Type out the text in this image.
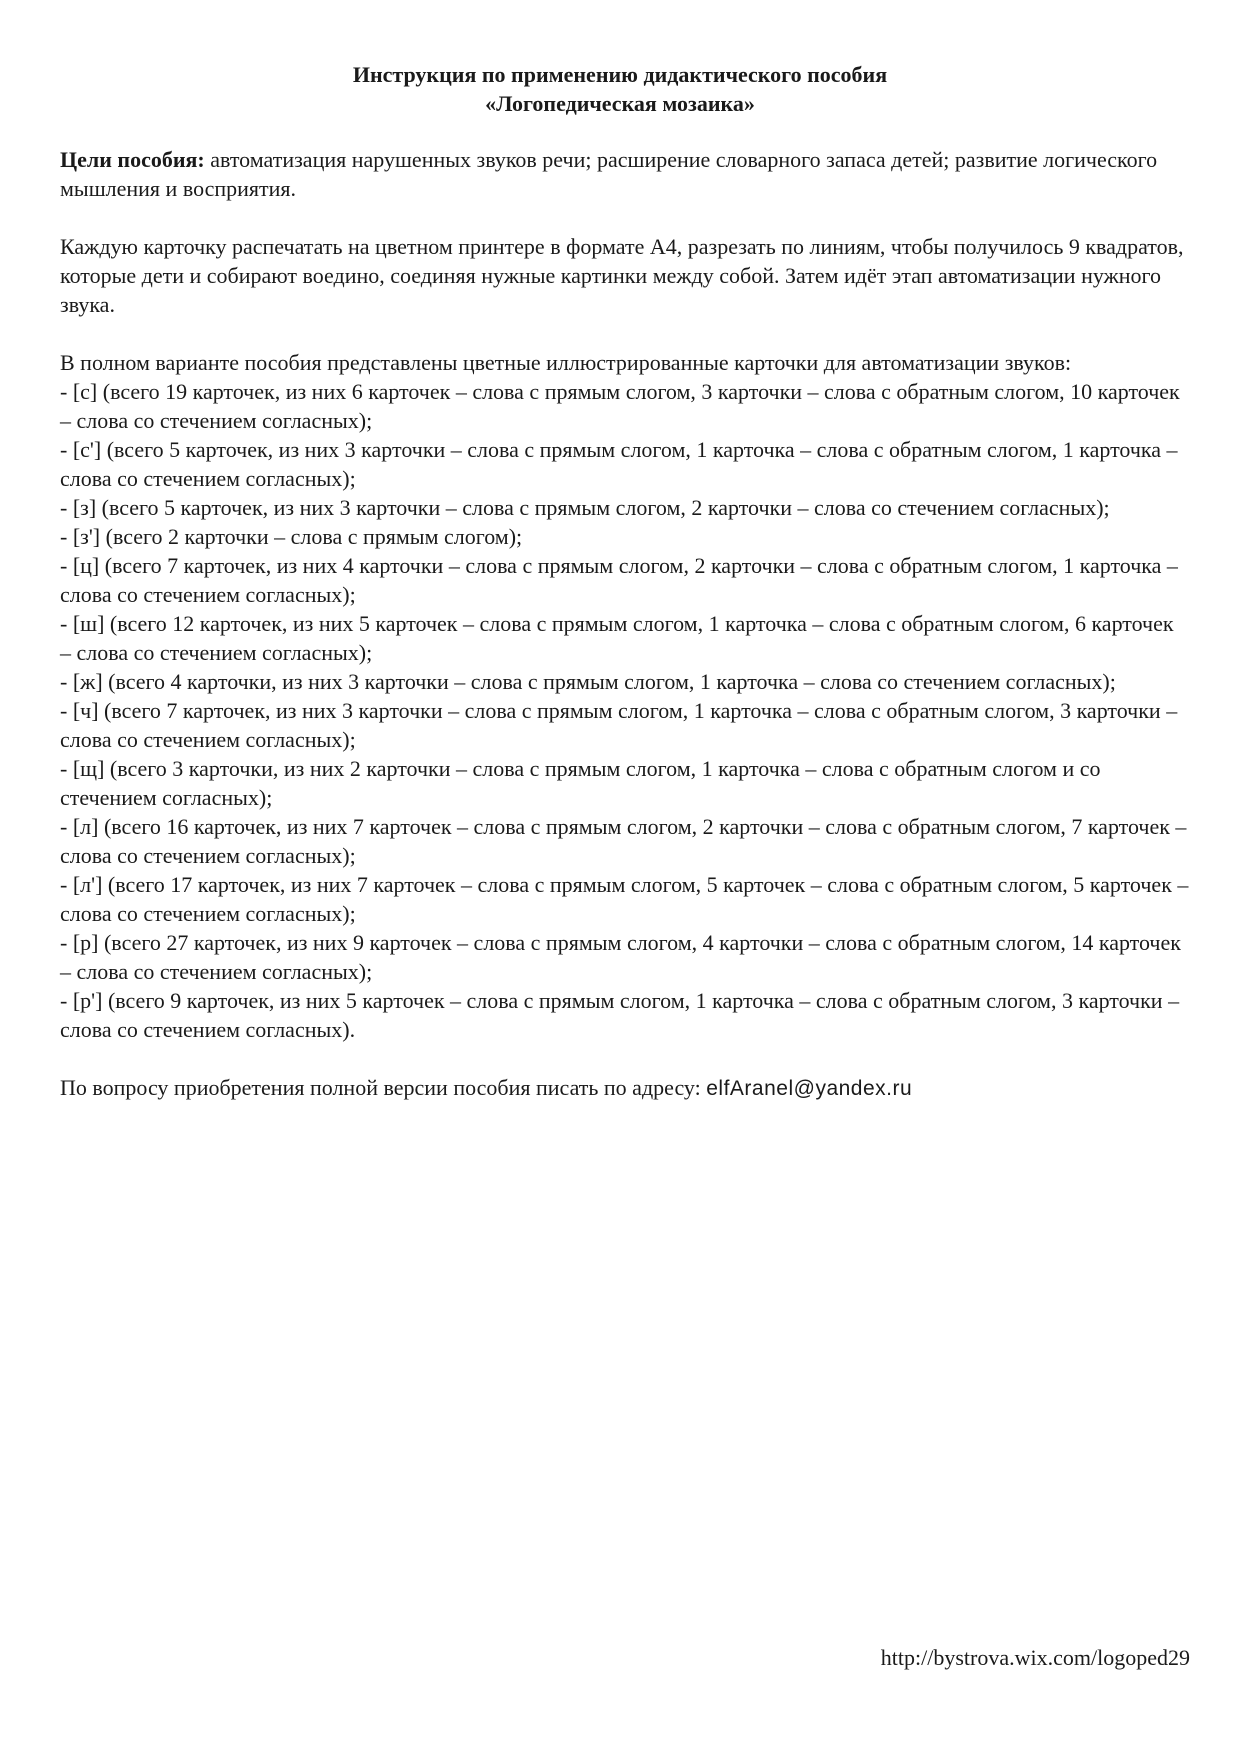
Инструкция по применению дидактического пособия
«Логопедическая мозаика»

Цели пособия: автоматизация нарушенных звуков речи; расширение словарного запаса детей; развитие логического мышления и восприятия.

Каждую карточку распечатать на цветном принтере в формате А4, разрезать по линиям, чтобы получилось 9 квадратов, которые дети и собирают воедино, соединяя нужные картинки между собой. Затем идёт этап автоматизации нужного звука.

В полном варианте пособия представлены цветные иллюстрированные карточки для автоматизации звуков:

- [с] (всего 19 карточек, из них 6 карточек – слова с прямым слогом, 3 карточки – слова с обратным слогом, 10 карточек – слова со стечением согласных);
- [с'] (всего 5 карточек, из них 3 карточки – слова с прямым слогом, 1 карточка – слова с обратным слогом, 1 карточка – слова со стечением согласных);
- [з] (всего 5 карточек, из них 3 карточки – слова с прямым слогом, 2 карточки – слова со стечением согласных);
- [з'] (всего 2 карточки – слова с прямым слогом);
- [ц] (всего 7 карточек, из них 4 карточки – слова с прямым слогом, 2 карточки – слова с обратным слогом, 1 карточка – слова со стечением согласных);
- [ш] (всего 12 карточек, из них 5 карточек – слова с прямым слогом, 1 карточка – слова с обратным слогом, 6 карточек – слова со стечением согласных);
- [ж] (всего 4 карточки, из них 3 карточки – слова с прямым слогом, 1 карточка – слова со стечением согласных);
- [ч] (всего 7 карточек, из них 3 карточки – слова с прямым слогом, 1 карточка – слова с обратным слогом, 3 карточки – слова со стечением согласных);
- [щ] (всего 3 карточки, из них 2 карточки – слова с прямым слогом, 1 карточка – слова с обратным слогом и со стечением согласных);
- [л] (всего 16 карточек, из них 7 карточек – слова с прямым слогом, 2 карточки – слова с обратным слогом, 7 карточек – слова со стечением согласных);
- [л'] (всего 17 карточек, из них 7 карточек – слова с прямым слогом, 5 карточек – слова с обратным слогом, 5 карточек – слова со стечением согласных);
- [р] (всего 27 карточек, из них 9 карточек – слова с прямым слогом, 4 карточки – слова с обратным слогом, 14 карточек – слова со стечением согласных);
- [р'] (всего 9 карточек, из них 5 карточек – слова с прямым слогом, 1 карточка – слова с обратным слогом, 3 карточки – слова со стечением согласных).

По вопросу приобретения полной версии пособия писать по адресу: elfAranel@yandex.ru

http://bystrova.wix.com/logoped29
